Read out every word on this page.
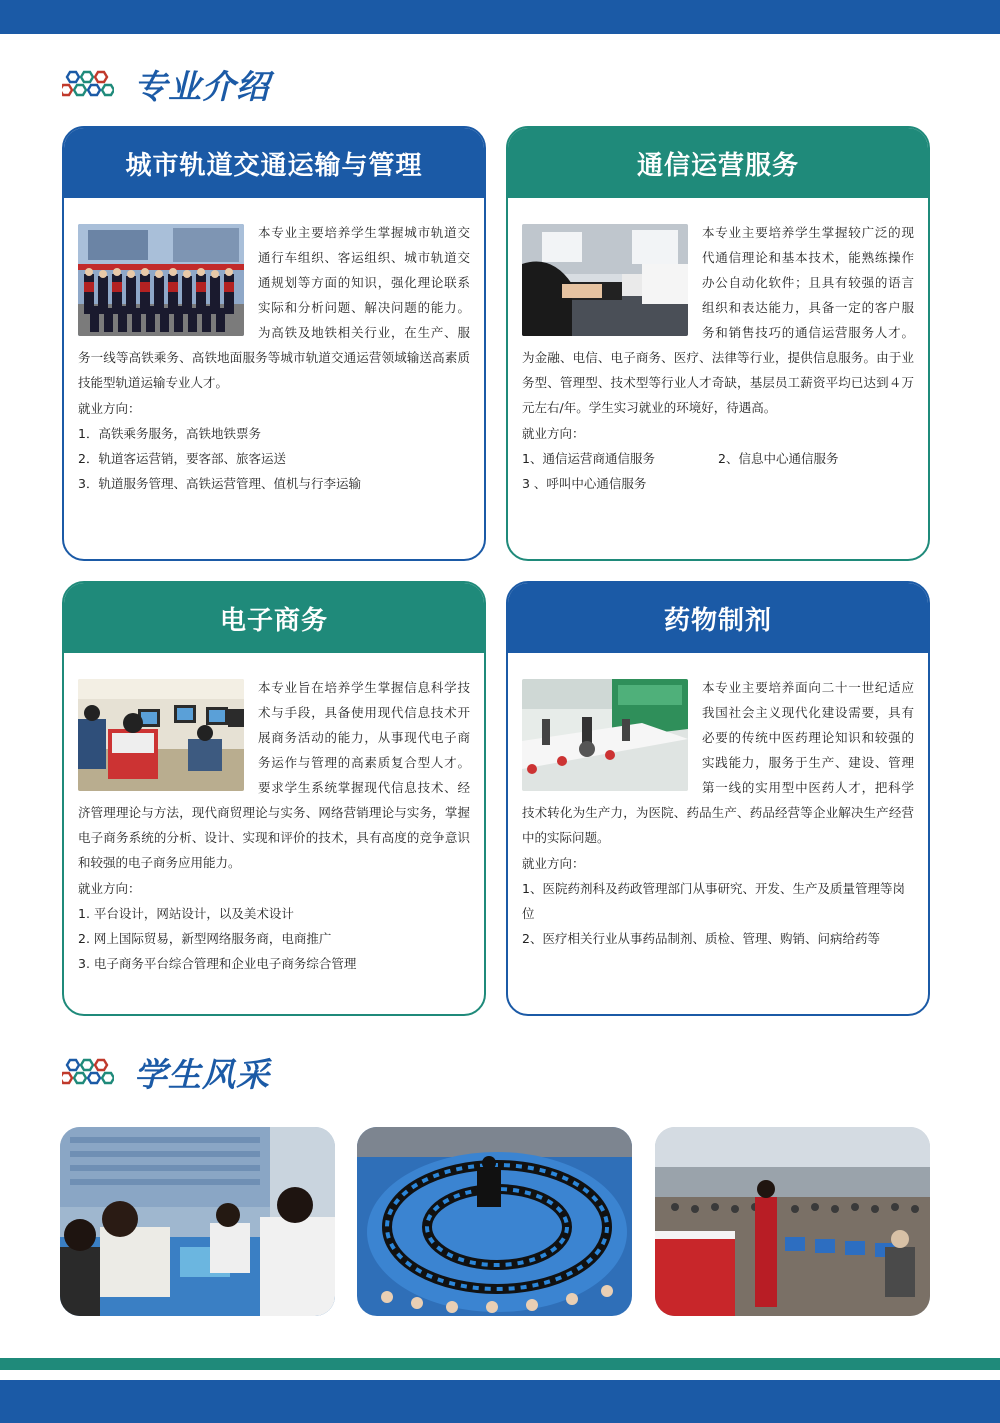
专业介绍
城市轨道交通运输与管理
本专业主要培养学生掌握城市轨道交通行车组织、客运组织、城市轨道交通规划等方面的知识，强化理论联系实际和分析问题、解决问题的能力。为高铁及地铁相关行业，在生产、服务一线等高铁乘务、高铁地面服务等城市轨道交通运营领域输送高素质技能型轨道运输专业人才。
就业方向：
1．高铁乘务服务，高铁地铁票务
2．轨道客运营销，要客部、旅客运送
3．轨道服务管理、高铁运营管理、值机与行李运输
通信运营服务
本专业主要培养学生掌握较广泛的现代通信理论和基本技术，能熟练操作办公自动化软件；且具有较强的语言组织和表达能力，具备一定的客户服务和销售技巧的通信运营服务人才。为金融、电信、电子商务、医疗、法律等行业，提供信息服务。由于业务型、管理型、技术型等行业人才奇缺，基层员工薪资平均已达到４万元左右/年。学生实习就业的环境好，待遇高。
就业方向：
1、通信运营商通信服务	2、信息中心通信服务
3 、呼叫中心通信服务
电子商务
本专业旨在培养学生掌握信息科学技术与手段，具备使用现代信息技术开展商务活动的能力，从事现代电子商务运作与管理的高素质复合型人才。要求学生系统掌握现代信息技术、经济管理理论与方法，现代商贸理论与实务、网络营销理论与实务，掌握电子商务系统的分析、设计、实现和评价的技术，具有高度的竞争意识和较强的电子商务应用能力。
就业方向：
1. 平台设计，网站设计，以及美术设计
2. 网上国际贸易，新型网络服务商，电商推广
3. 电子商务平台综合管理和企业电子商务综合管理
药物制剂
本专业主要培养面向二十一世纪适应我国社会主义现代化建设需要，具有必要的传统中医药理论知识和较强的实践能力，服务于生产、建设、管理第一线的实用型中医药人才，把科学技术转化为生产力，为医院、药品生产、药品经营等企业解决生产经营中的实际问题。
就业方向：
1、医院药剂科及药政管理部门从事研究、开发、生产及质量管理等岗位
2、医疗相关行业从事药品制剂、质检、管理、购销、问病给药等
学生风采
